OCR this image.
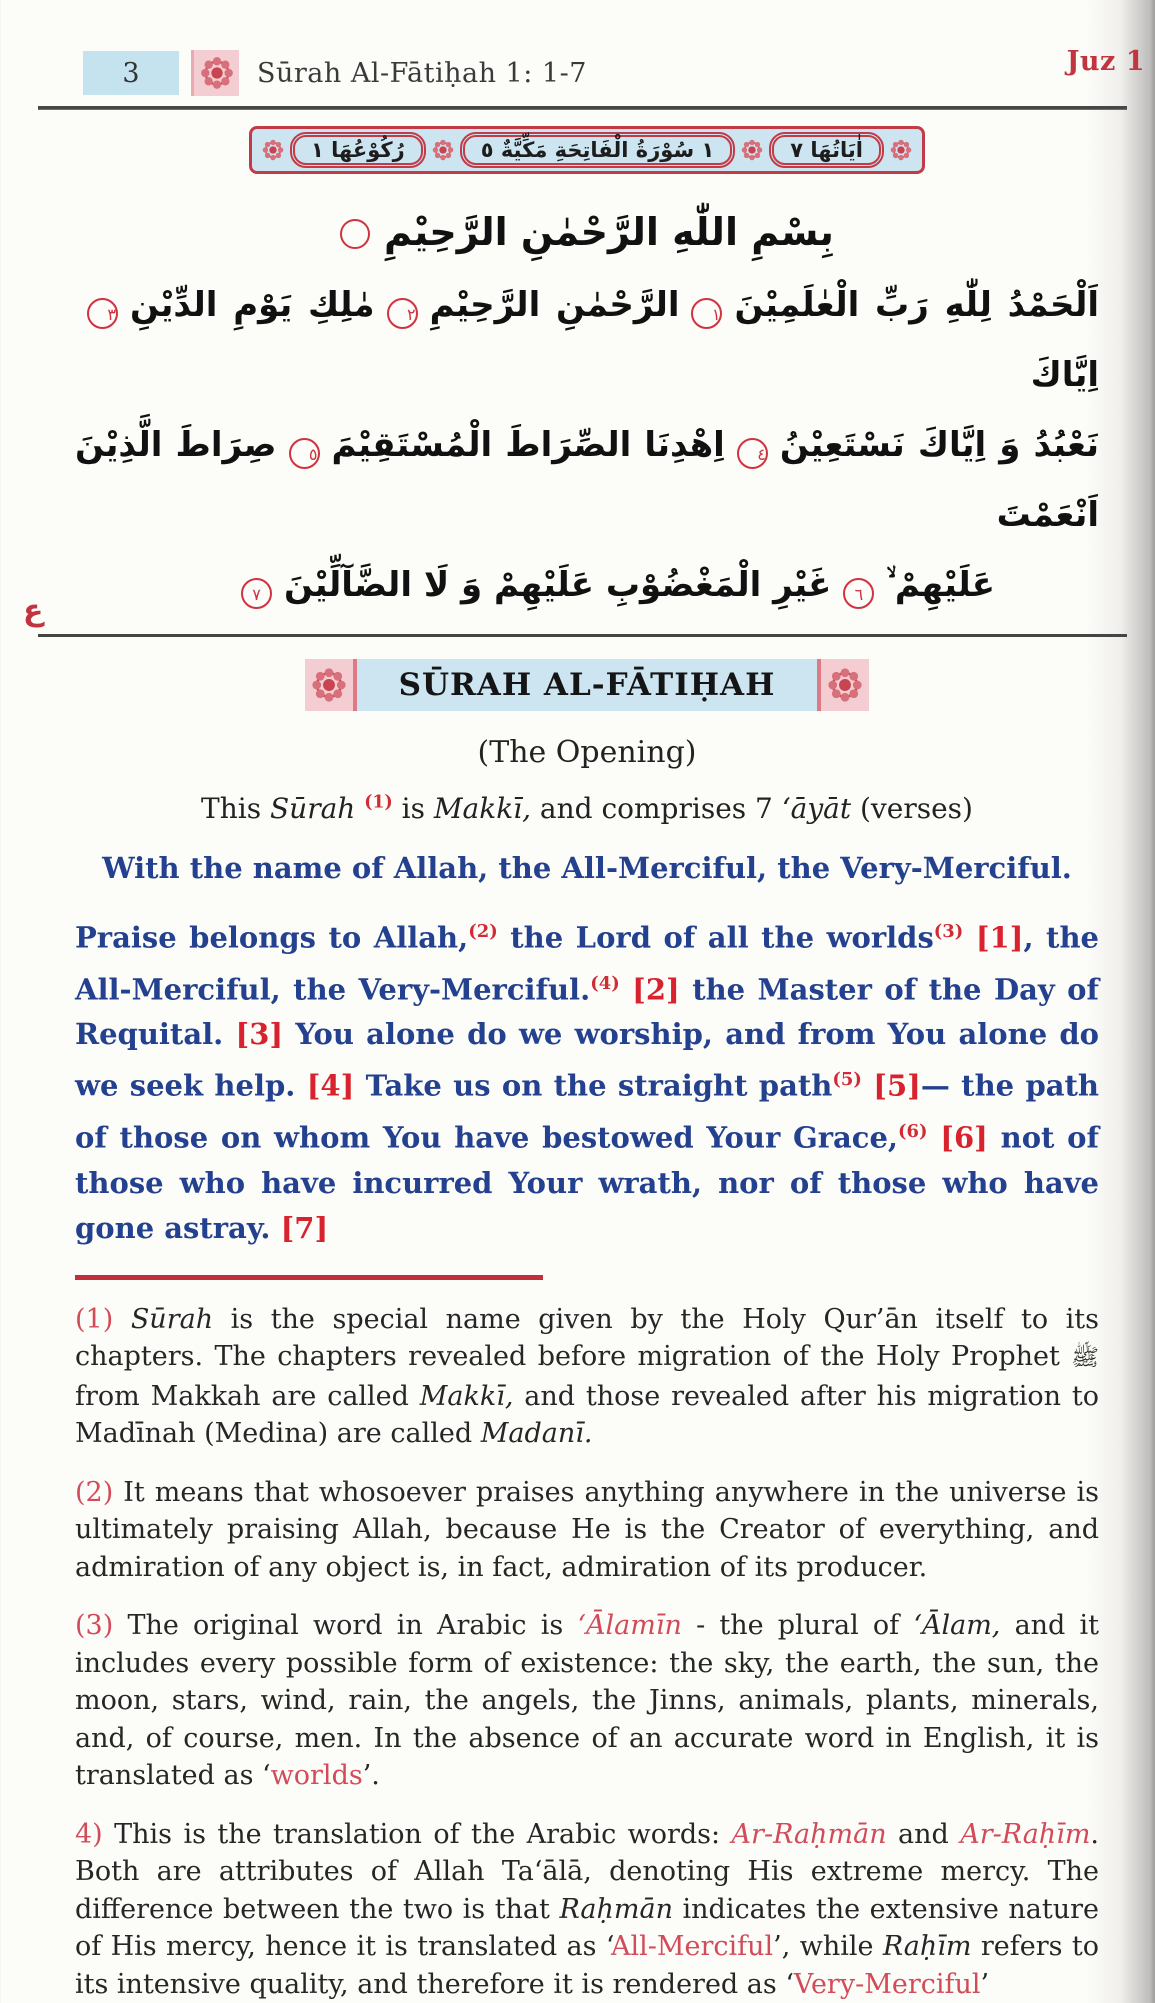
3	Sūrah Al-Fātiḥah 1: 1-7	Juz 1
اٰيَاتُهَا ٧
١ سُوْرَةُ الْفَاتِحَةِ مَكِّيَّةٌ ٥
رُكُوْعُهَا ١
بِسْمِ اللّٰهِ الرَّحْمٰنِ الرَّحِيْمِ
اَلْحَمْدُ لِلّٰهِ رَبِّ الْعٰلَمِيْنَ١الرَّحْمٰنِ الرَّحِيْمِ٢مٰلِكِ يَوْمِ الدِّيْنِ٣اِيَّاكَ
نَعْبُدُ وَ اِيَّاكَ نَسْتَعِيْنُ٤اِهْدِنَا الصِّرَاطَ الْمُسْتَقِيْمَ٥صِرَاطَ الَّذِيْنَ اَنْعَمْتَ
ع
عَلَيْهِمْ ۙ٦غَيْرِ الْمَغْضُوْبِ عَلَيْهِمْ وَ لَا الضَّآلِّيْنَ٧
SŪRAH AL-FĀTIḤAH
(The Opening)
This Sūrah $^{(1)}$ is Makkī, and comprises 7 ‘āyāt (verses)
With the name of Allah, the All-Merciful, the Very-Merciful.
Praise belongs to Allah,$^{(2)}$ the Lord of all the worlds$^{(3)}$ [1], the All-Merciful, the Very-Merciful.$^{(4)}$ [2] the Master of the Day of Requital. [3] You alone do we worship, and from You alone do we seek help. [4] Take us on the straight path$^{(5)}$ [5]— the path of those on whom You have bestowed Your Grace,$^{(6)}$ [6] not of those who have incurred Your wrath, nor of those who have gone astray. [7]
(1) Sūrah is the special name given by the Holy Qur’ān itself to its chapters. The chapters revealed before migration of the Holy Prophet ﷺ from Makkah are called Makkī, and those revealed after his migration to Madīnah (Medina) are called Madanī.
(2) It means that whosoever praises anything anywhere in the universe is ultimately praising Allah, because He is the Creator of everything, and admiration of any object is, in fact, admiration of its producer.
(3) The original word in Arabic is ‘Ālamīn - the plural of ‘Ālam, and it includes every possible form of existence: the sky, the earth, the sun, the moon, stars, wind, rain, the angels, the Jinns, animals, plants, minerals, and, of course, men. In the absence of an accurate word in English, it is translated as ‘worlds’.
4) This is the translation of the Arabic words: Ar-Raḥmān and Ar-Raḥīm. Both are attributes of Allah Ta‘ālā, denoting His extreme mercy. The difference between the two is that Raḥmān indicates the extensive nature of His mercy, hence it is translated as ‘All-Merciful’, while Raḥīm refers to its intensive quality, and therefore it is rendered as ‘Very-Merciful’
